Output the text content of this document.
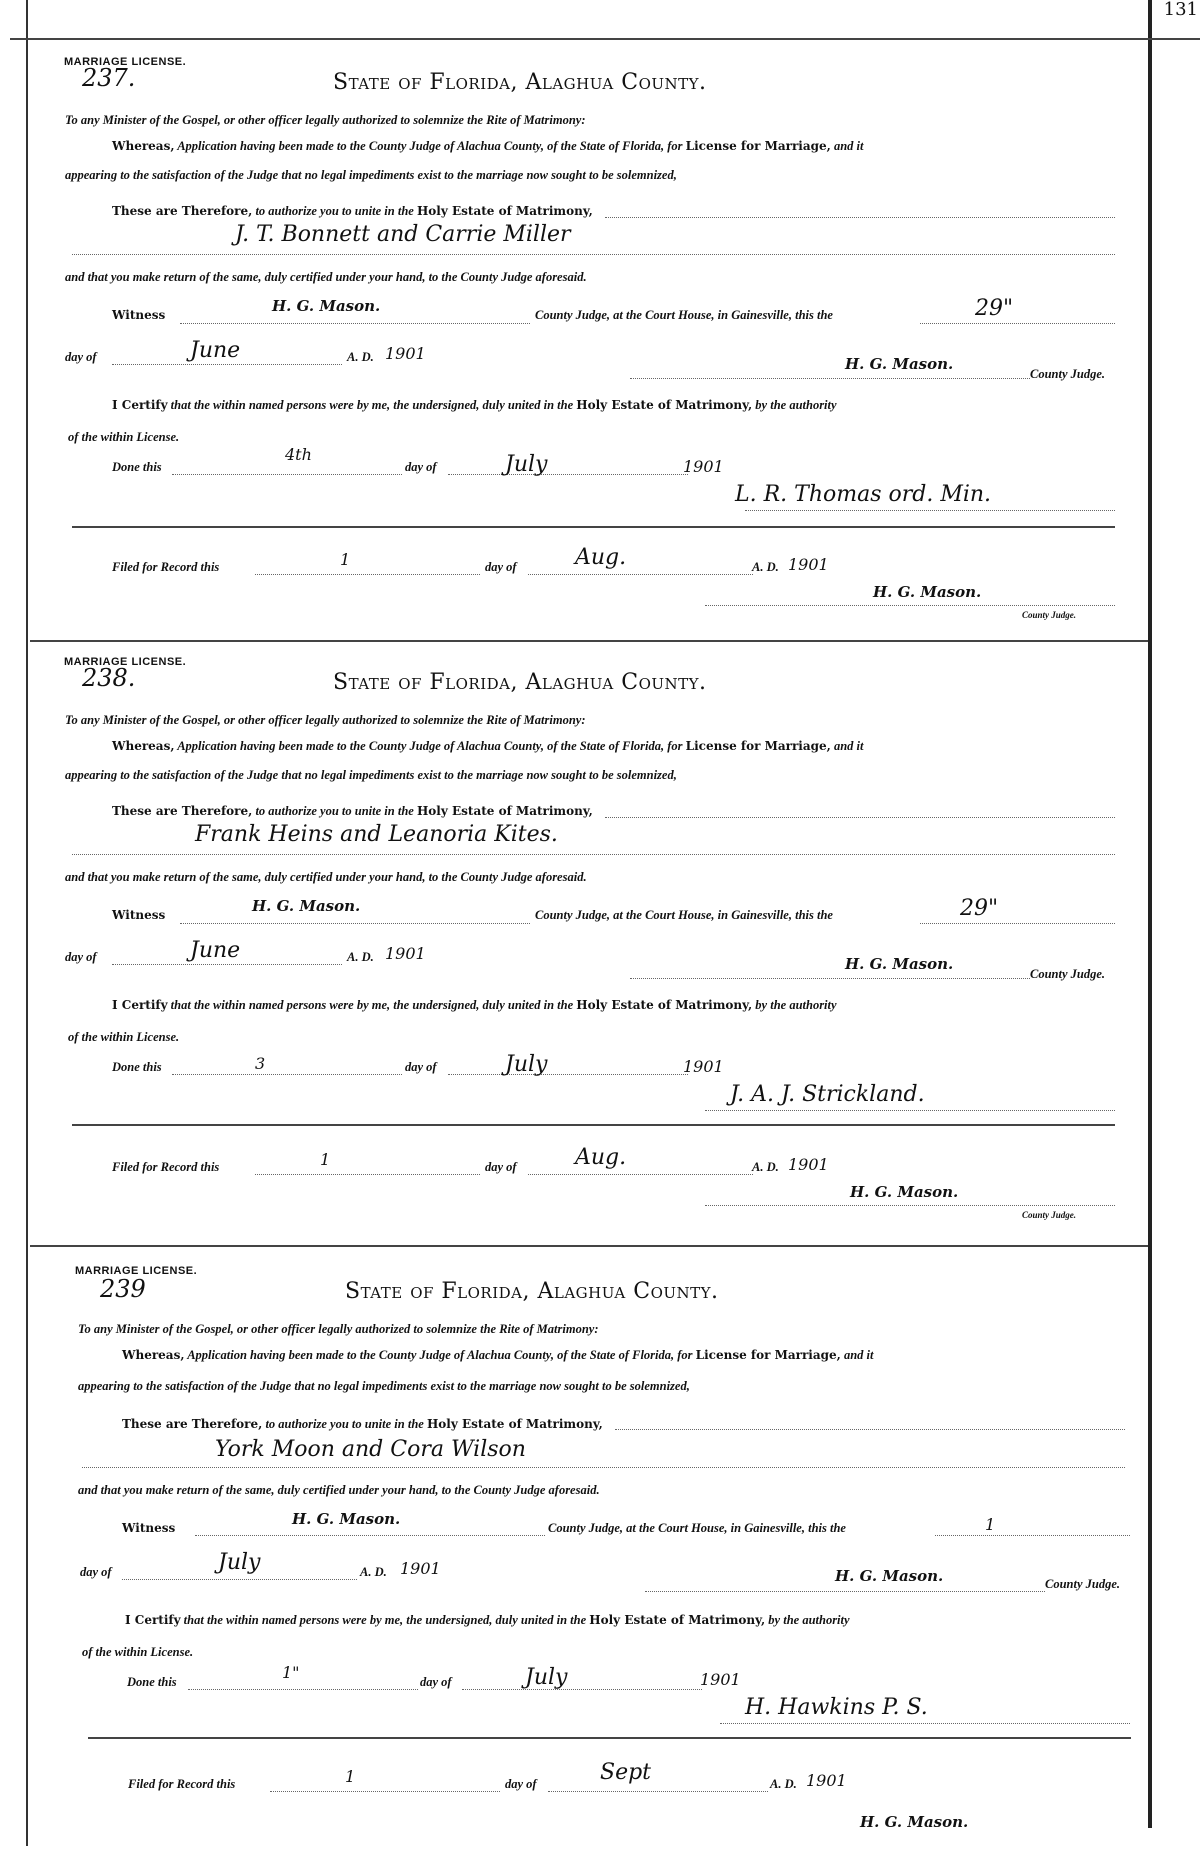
131
MARRIAGE LICENSE.
237.	State of Florida, Alaghua County.
To any Minister of the Gospel, or other officer legally authorized to solemnize the Rite of Matrimony:
Whereas, Application having been made to the County Judge of Alachua County, of the State of Florida, for License for Marriage, and it
appearing to the satisfaction of the Judge that no legal impediments exist to the marriage now sought to be solemnized,
These are Therefore, to authorize you to unite in the Holy Estate of Matrimony,
J. T. Bonnett and Carrie Miller
and that you make return of the same, duly certified under your hand, to the County Judge aforesaid.
Witness	H. G. Mason.	County Judge, at the Court House, in Gainesville, this the	29"
day of	June	A. D. 1901
H. G. Mason.
County Judge.
I Certify that the within named persons were by me, the undersigned, duly united in the Holy Estate of Matrimony, by the authority
of the within License.
Done this
4th
day of	July	1901
L. R. Thomas ord. Min.
Filed for Record this	1	day of	Aug.	A. D. 1901
H. G. Mason.
County Judge.
MARRIAGE LICENSE.
238.	State of Florida, Alaghua County.
To any Minister of the Gospel, or other officer legally authorized to solemnize the Rite of Matrimony:
Whereas, Application having been made to the County Judge of Alachua County, of the State of Florida, for License for Marriage, and it
appearing to the satisfaction of the Judge that no legal impediments exist to the marriage now sought to be solemnized,
These are Therefore, to authorize you to unite in the Holy Estate of Matrimony,
Frank Heins and Leanoria Kites.
and that you make return of the same, duly certified under your hand, to the County Judge aforesaid.
Witness	H. G. Mason.	County Judge, at the Court House, in Gainesville, this the	29"
day of	June	A. D. 1901
H. G. Mason.
County Judge.
I Certify that the within named persons were by me, the undersigned, duly united in the Holy Estate of Matrimony, by the authority
of the within License.
Done this	3	day of	July	1901
J. A. J. Strickland.
Filed for Record this	1	day of	Aug.	A. D. 1901
H. G. Mason.
County Judge.
MARRIAGE LICENSE.
239	State of Florida, Alaghua County.
To any Minister of the Gospel, or other officer legally authorized to solemnize the Rite of Matrimony:
Whereas, Application having been made to the County Judge of Alachua County, of the State of Florida, for License for Marriage, and it
appearing to the satisfaction of the Judge that no legal impediments exist to the marriage now sought to be solemnized,
These are Therefore, to authorize you to unite in the Holy Estate of Matrimony,
York Moon and Cora Wilson
and that you make return of the same, duly certified under your hand, to the County Judge aforesaid.
Witness	H. G. Mason.	County Judge, at the Court House, in Gainesville, this the	1
day of	July	A. D. 1901	H. G. Mason.	County Judge.
I Certify that the within named persons were by me, the undersigned, duly united in the Holy Estate of Matrimony, by the authority
of the within License.
Done this	1"	day of	July	1901
H. Hawkins P. S.
Filed for Record this	1	day of	Sept	A. D. 1901
H. G. Mason.
